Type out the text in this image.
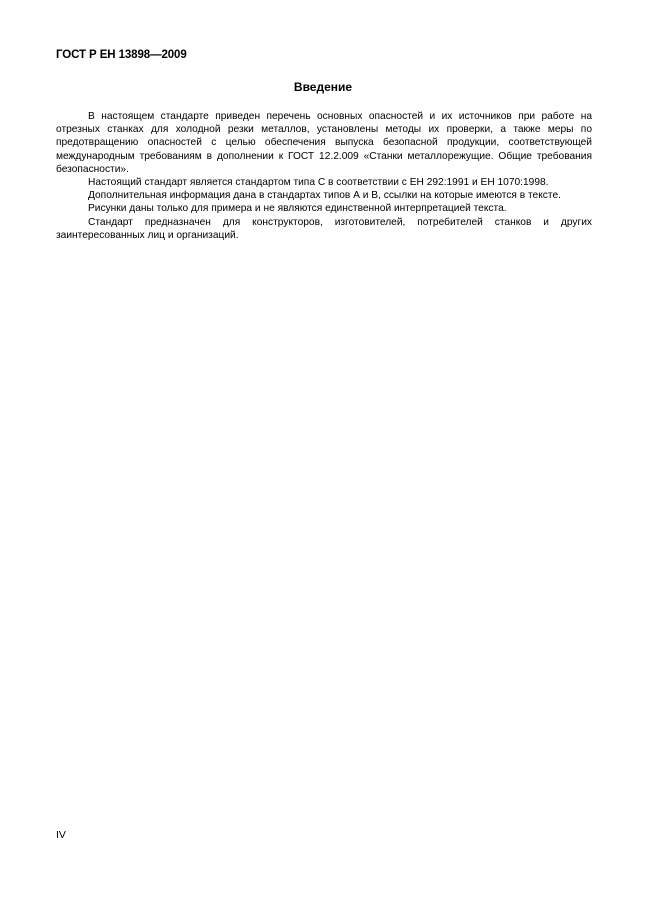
ГОСТ Р ЕН 13898—2009
Введение

В настоящем стандарте приведен перечень основных опасностей и их источников при работе на отрезных станках для холодной резки металлов, установлены методы их проверки, а также меры по предотвращению опасностей с целью обеспечения выпуска безопасной продукции, соответствующей международным требованиям в дополнении к ГОСТ 12.2.009 «Станки металлорежущие. Общие требования безопасности».

Настоящий стандарт является стандартом типа С в соответствии с ЕН 292:1991 и ЕН 1070:1998.

Дополнительная информация дана в стандартах типов А и В, ссылки на которые имеются в тексте.

Рисунки даны только для примера и не являются единственной интерпретацией текста.

Стандарт предназначен для конструкторов, изготовителей, потребителей станков и других заинтересованных лиц и организаций.

IV
